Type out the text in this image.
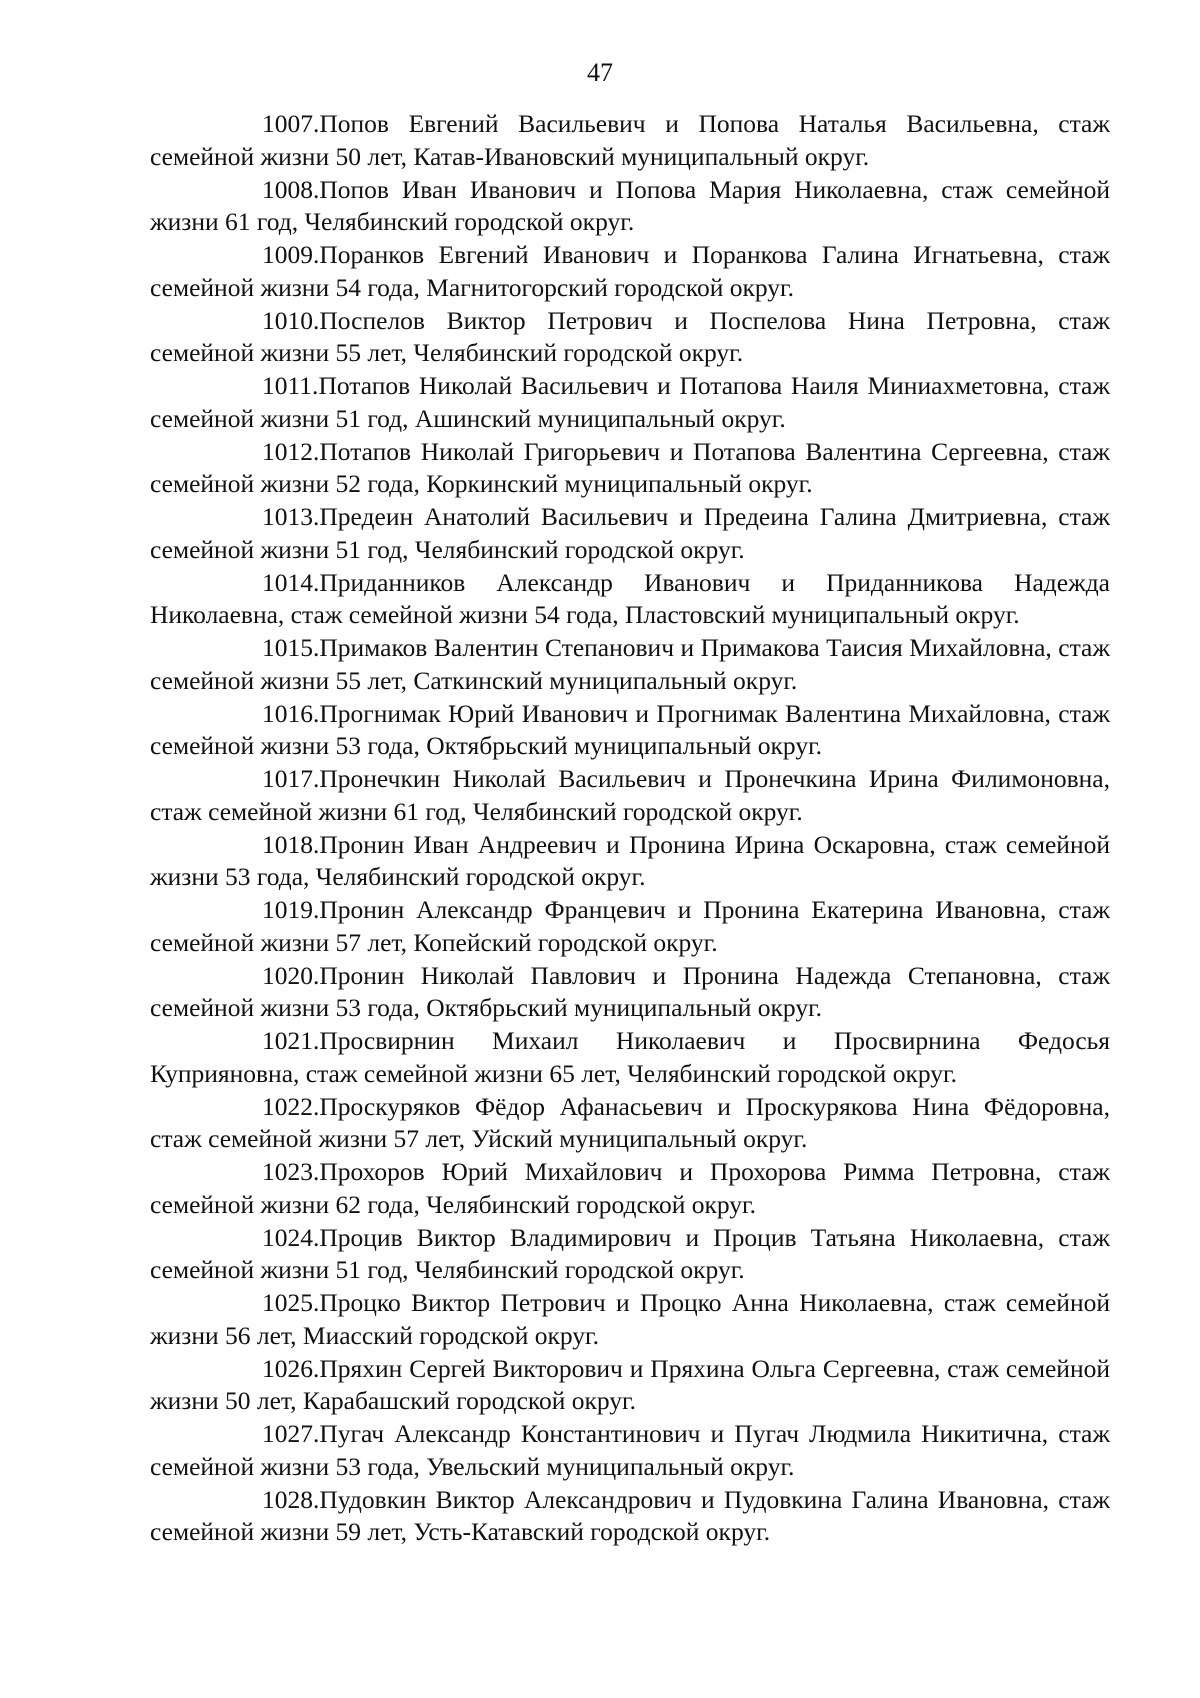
47

1007.Попов Евгений Васильевич и Попова Наталья Васильевна, стаж семейной жизни 50 лет, Катав-Ивановский муниципальный округ.

1008.Попов Иван Иванович и Попова Мария Николаевна, стаж семейной жизни 61 год, Челябинский городской округ.

1009.Поранков Евгений Иванович и Поранкова Галина Игнатьевна, стаж семейной жизни 54 года, Магнитогорский городской округ.

1010.Поспелов Виктор Петрович и Поспелова Нина Петровна, стаж семейной жизни 55 лет, Челябинский городской округ.

1011.Потапов Николай Васильевич и Потапова Наиля Миниахметовна, стаж семейной жизни 51 год, Ашинский муниципальный округ.

1012.Потапов Николай Григорьевич и Потапова Валентина Сергеевна, стаж семейной жизни 52 года, Коркинский муниципальный округ.

1013.Предеин Анатолий Васильевич и Предеина Галина Дмитриевна, стаж семейной жизни 51 год, Челябинский городской округ.

1014.Приданников Александр Иванович и Приданникова Надежда Николаевна, стаж семейной жизни 54 года, Пластовский муниципальный округ.

1015.Примаков Валентин Степанович и Примакова Таисия Михайловна, стаж семейной жизни 55 лет, Саткинский муниципальный округ.

1016.Прогнимак Юрий Иванович и Прогнимак Валентина Михайловна, стаж семейной жизни 53 года, Октябрьский муниципальный округ.

1017.Пронечкин Николай Васильевич и Пронечкина Ирина Филимоновна, стаж семейной жизни 61 год, Челябинский городской округ.

1018.Пронин Иван Андреевич и Пронина Ирина Оскаровна, стаж семейной жизни 53 года, Челябинский городской округ.

1019.Пронин Александр Францевич и Пронина Екатерина Ивановна, стаж семейной жизни 57 лет, Копейский городской округ.

1020.Пронин Николай Павлович и Пронина Надежда Степановна, стаж семейной жизни 53 года, Октябрьский муниципальный округ.

1021.Просвирнин Михаил Николаевич и Просвирнина Федосья Куприяновна, стаж семейной жизни 65 лет, Челябинский городской округ.

1022.Проскуряков Фёдор Афанасьевич и Проскурякова Нина Фёдоровна, стаж семейной жизни 57 лет, Уйский муниципальный округ.

1023.Прохоров Юрий Михайлович и Прохорова Римма Петровна, стаж семейной жизни 62 года, Челябинский городской округ.

1024.Процив Виктор Владимирович и Процив Татьяна Николаевна, стаж семейной жизни 51 год, Челябинский городской округ.

1025.Процко Виктор Петрович и Процко Анна Николаевна, стаж семейной жизни 56 лет, Миасский городской округ.

1026.Пряхин Сергей Викторович и Пряхина Ольга Сергеевна, стаж семейной жизни 50 лет, Карабашский городской округ.

1027.Пугач Александр Константинович и Пугач Людмила Никитична, стаж семейной жизни 53 года, Увельский муниципальный округ.

1028.Пудовкин Виктор Александрович и Пудовкина Галина Ивановна, стаж семейной жизни 59 лет, Усть-Катавский городской округ.
